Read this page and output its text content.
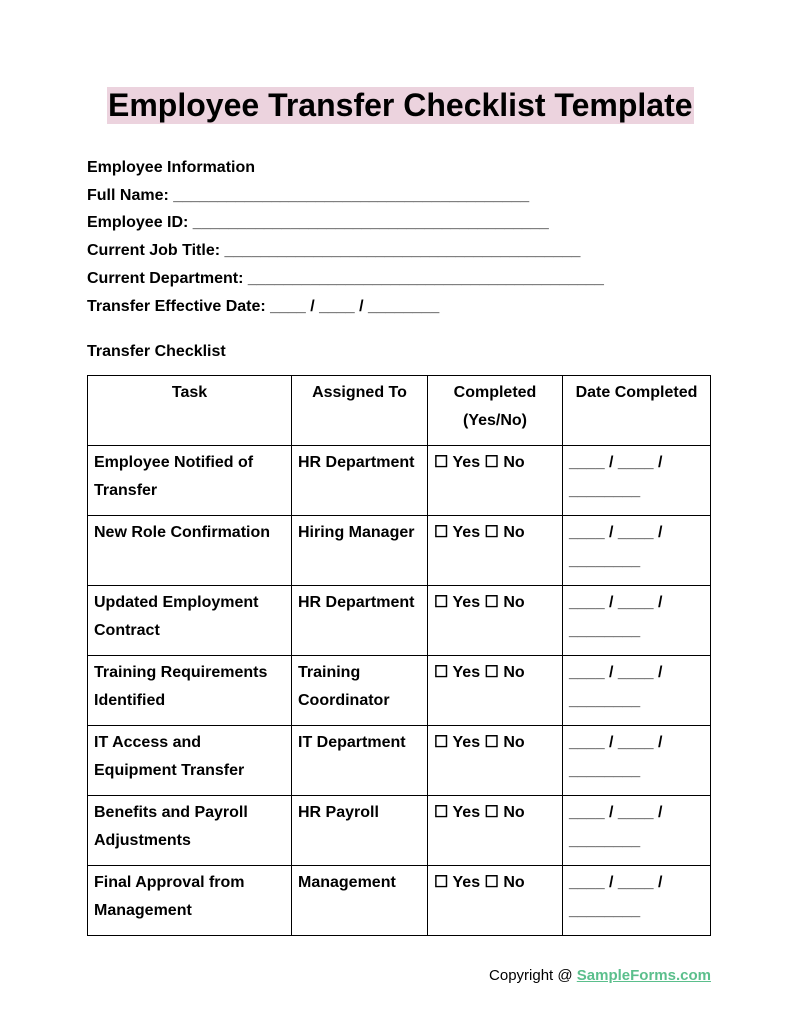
Employee Transfer Checklist Template
Employee Information
Full Name: ________________________________________
Employee ID: ________________________________________
Current Job Title: ________________________________________
Current Department: ________________________________________
Transfer Effective Date: ____ / ____ / ________
Transfer Checklist
Task	Assigned To	Completed (Yes/No)	Date Completed
Employee Notified of Transfer	HR Department	☐ Yes ☐ No	____ / ____ / ________
New Role Confirmation	Hiring Manager	☐ Yes ☐ No	____ / ____ / ________
Updated Employment Contract	HR Department	☐ Yes ☐ No	____ / ____ / ________
Training Requirements Identified	Training Coordinator	☐ Yes ☐ No	____ / ____ / ________
IT Access and Equipment Transfer	IT Department	☐ Yes ☐ No	____ / ____ / ________
Benefits and Payroll Adjustments	HR Payroll	☐ Yes ☐ No	____ / ____ / ________
Final Approval from Management	Management	☐ Yes ☐ No	____ / ____ / ________
Copyright @ SampleForms.com
